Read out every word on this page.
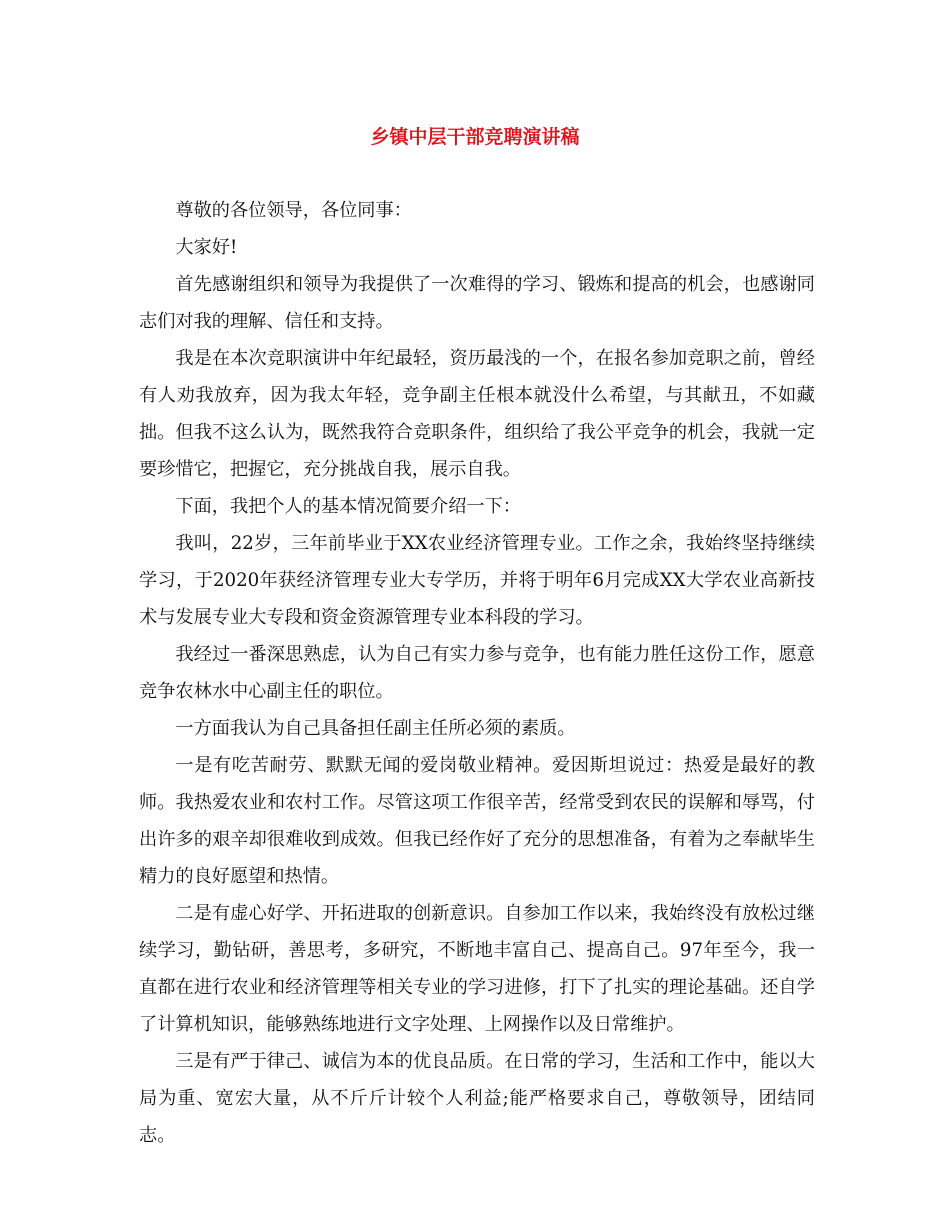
乡镇中层干部竞聘演讲稿

尊敬的各位领导，各位同事：

大家好!

首先感谢组织和领导为我提供了一次难得的学习、锻炼和提高的机会，也感谢同志们对我的理解、信任和支持。

我是在本次竞职演讲中年纪最轻，资历最浅的一个，在报名参加竞职之前，曾经有人劝我放弃，因为我太年轻，竞争副主任根本就没什么希望，与其献丑，不如藏拙。但我不这么认为，既然我符合竞职条件，组织给了我公平竞争的机会，我就一定要珍惜它，把握它，充分挑战自我，展示自我。

下面，我把个人的基本情况简要介绍一下：

我叫，22岁，三年前毕业于XX农业经济管理专业。工作之余，我始终坚持继续学习，于2020年获经济管理专业大专学历，并将于明年6月完成XX大学农业高新技术与发展专业大专段和资金资源管理专业本科段的学习。

我经过一番深思熟虑，认为自己有实力参与竞争，也有能力胜任这份工作，愿意竞争农林水中心副主任的职位。

一方面我认为自己具备担任副主任所必须的素质。

一是有吃苦耐劳、默默无闻的爱岗敬业精神。爱因斯坦说过：热爱是最好的教师。我热爱农业和农村工作。尽管这项工作很辛苦，经常受到农民的误解和辱骂，付出许多的艰辛却很难收到成效。但我已经作好了充分的思想准备，有着为之奉献毕生精力的良好愿望和热情。

二是有虚心好学、开拓进取的创新意识。自参加工作以来，我始终没有放松过继续学习，勤钻研，善思考，多研究，不断地丰富自己、提高自己。97年至今，我一直都在进行农业和经济管理等相关专业的学习进修，打下了扎实的理论基础。还自学了计算机知识，能够熟练地进行文字处理、上网操作以及日常维护。

三是有严于律己、诚信为本的优良品质。在日常的学习，生活和工作中，能以大局为重、宽宏大量，从不斤斤计较个人利益;能严格要求自己，尊敬领导，团结同志。
